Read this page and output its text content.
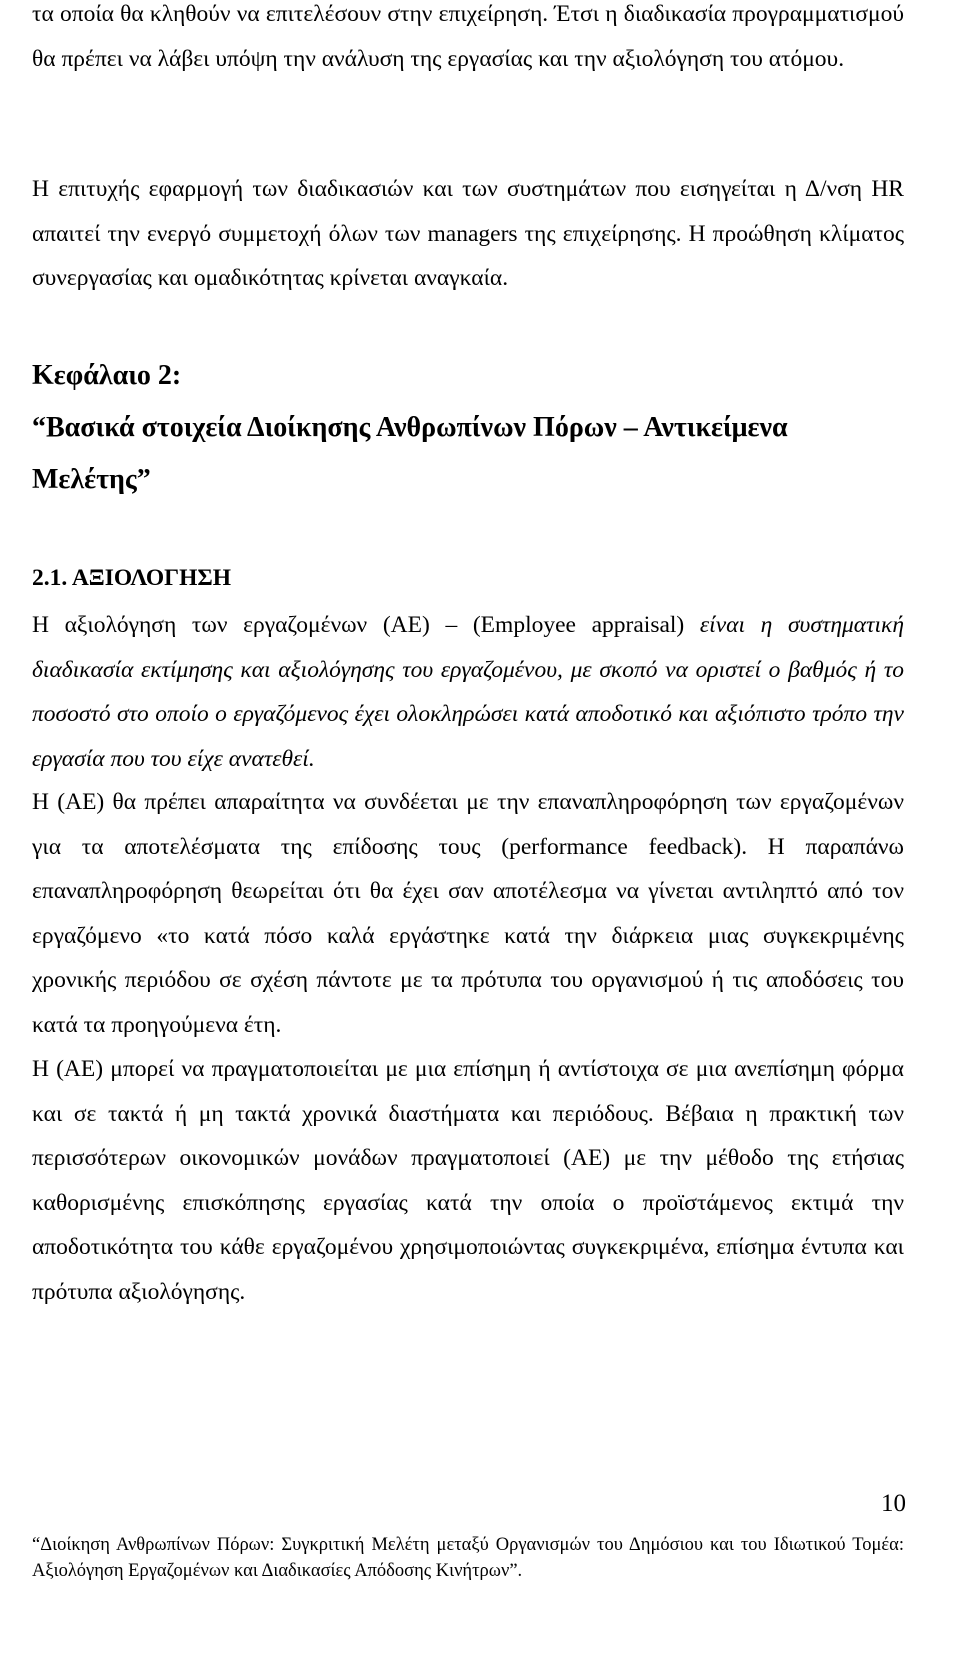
τα οποία θα κληθούν να επιτελέσουν στην επιχείρηση. Έτσι η διαδικασία προγραμματισμού θα πρέπει να λάβει υπόψη την ανάλυση της εργασίας και την αξιολόγηση του ατόμου.

Η επιτυχής εφαρμογή των διαδικασιών και των συστημάτων που εισηγείται η Δ/νση HR απαιτεί την ενεργό συμμετοχή όλων των managers της επιχείρησης. Η προώθηση κλίματος συνεργασίας και ομαδικότητας κρίνεται αναγκαία.

Κεφάλαιο 2:

“Βασικά στοιχεία Διοίκησης Ανθρωπίνων Πόρων – Αντικείμενα Μελέτης”

2.1. ΑΞΙΟΛΟΓΗΣΗ

Η αξιολόγηση των εργαζομένων (ΑΕ) – (Employee appraisal) είναι η συστηματική διαδικασία εκτίμησης και αξιολόγησης του εργαζομένου, με σκοπό να οριστεί ο βαθμός ή το ποσοστό στο οποίο ο εργαζόμενος έχει ολοκληρώσει κατά αποδοτικό και αξιόπιστο τρόπο την εργασία που του είχε ανατεθεί.

Η (ΑΕ) θα πρέπει απαραίτητα να συνδέεται με την επαναπληροφόρηση των εργαζομένων για τα αποτελέσματα της επίδοσης τους (performance feedback). Η παραπάνω επαναπληροφόρηση θεωρείται ότι θα έχει σαν αποτέλεσμα να γίνεται αντιληπτό από τον εργαζόμενο «το κατά πόσο καλά εργάστηκε κατά την διάρκεια μιας συγκεκριμένης χρονικής περιόδου σε σχέση πάντοτε με τα πρότυπα του οργανισμού ή τις αποδόσεις του κατά τα προηγούμενα έτη.

Η (ΑΕ) μπορεί να πραγματοποιείται με μια επίσημη ή αντίστοιχα σε μια ανεπίσημη φόρμα και σε τακτά ή μη τακτά χρονικά διαστήματα και περιόδους. Βέβαια η πρακτική των περισσότερων οικονομικών μονάδων πραγματοποιεί (ΑΕ) με την μέθοδο της ετήσιας καθορισμένης επισκόπησης εργασίας κατά την οποία ο προϊστάμενος εκτιμά την αποδοτικότητα του κάθε εργαζομένου χρησιμοποιώντας συγκεκριμένα, επίσημα έντυπα και πρότυπα αξιολόγησης.

10

“Διοίκηση Ανθρωπίνων Πόρων: Συγκριτική Μελέτη μεταξύ Οργανισμών του Δημόσιου και του Ιδιωτικού Τομέα: Αξιολόγηση Εργαζομένων και Διαδικασίες Απόδοσης Κινήτρων”.
